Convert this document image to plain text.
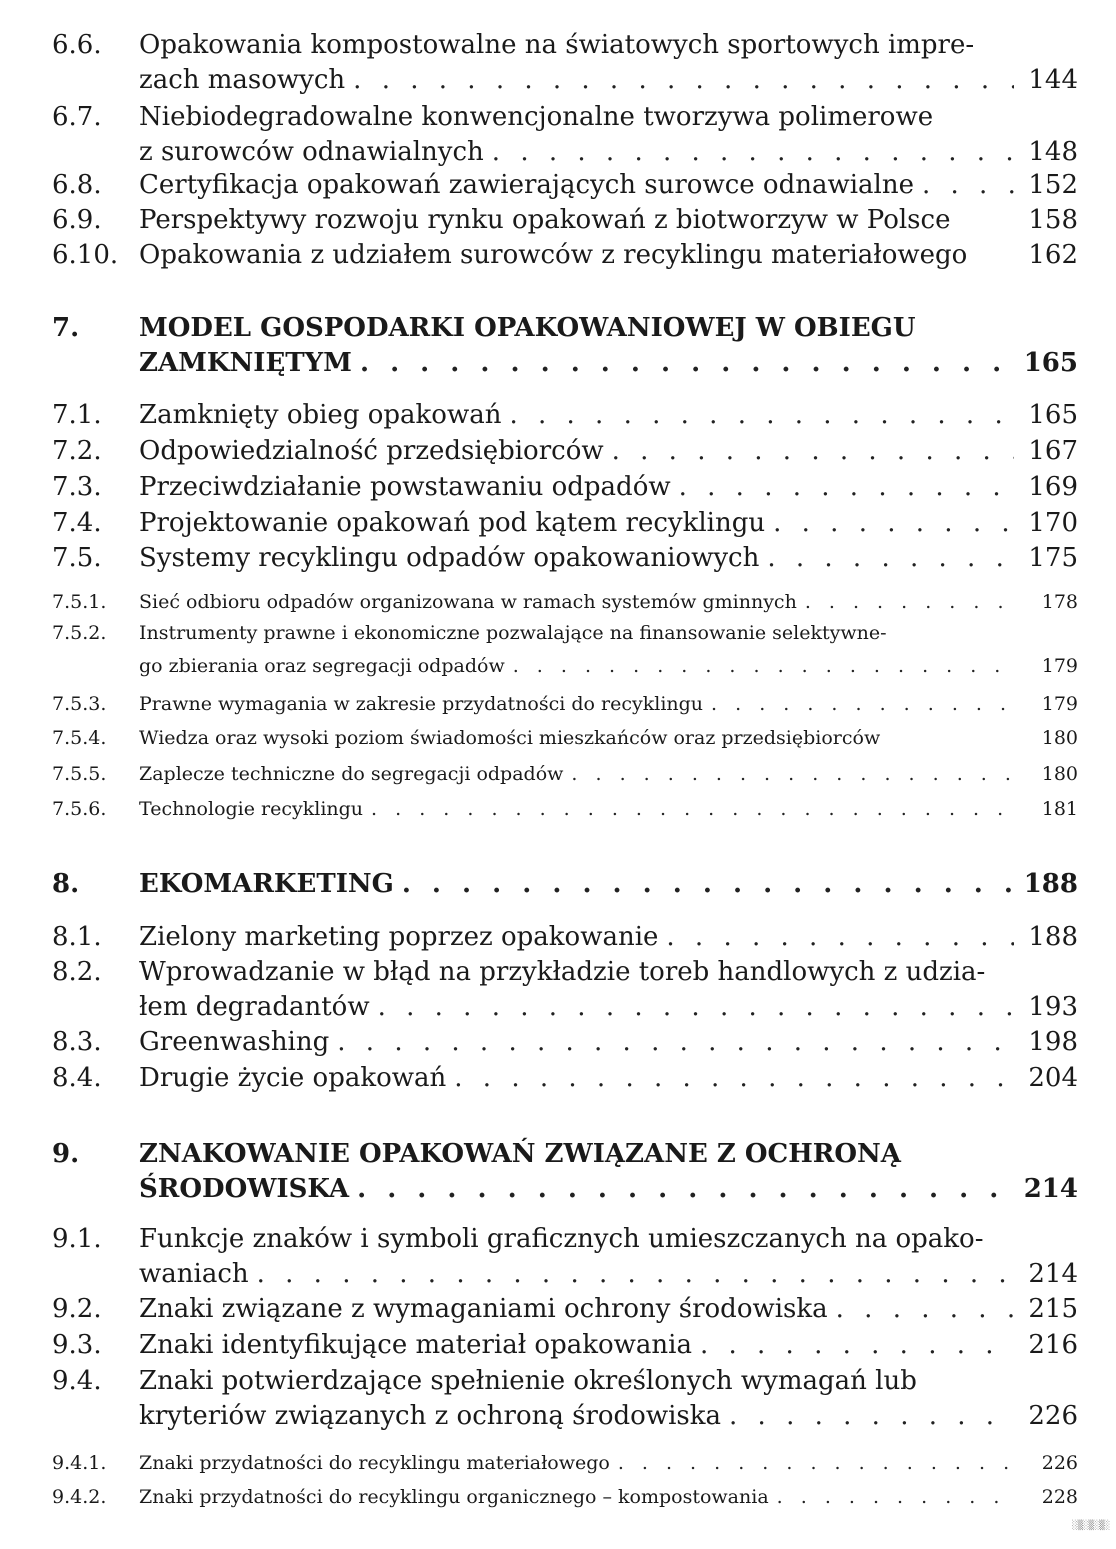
6.6. Opakowania kompostowalne na światowych sportowych impre-
zach masowych . . .	144
6.7. Niebiodegradowalne konwencjonalne tworzywa polimerowe
z surowców odnawialnych . . .	148
6.8. Certyfikacja opakowań zawierających surowce odnawialne . . .	152
6.9. Perspektywy rozwoju rynku opakowań z biotworzyw w Polsce	158
6.10. Opakowania z udziałem surowców z recyklingu materiałowego	162
7. MODEL GOSPODARKI OPAKOWANIOWEJ W OBIEGU
ZAMKNIĘTYM . . .	165
7.1. Zamknięty obieg opakowań . . .	165
7.2. Odpowiedzialność przedsiębiorców . . .	167
7.3. Przeciwdziałanie powstawaniu odpadów . . .	169
7.4. Projektowanie opakowań pod kątem recyklingu . . .	170
7.5. Systemy recyklingu odpadów opakowaniowych . . .	175
7.5.1. Sieć odbioru odpadów organizowana w ramach systemów gminnych . . .	178
7.5.2. Instrumenty prawne i ekonomiczne pozwalające na finansowanie selektywne-
go zbierania oraz segregacji odpadów . . .	179
7.5.3. Prawne wymagania w zakresie przydatności do recyklingu . . .	179
7.5.4. Wiedza oraz wysoki poziom świadomości mieszkańców oraz przedsiębiorców	180
7.5.5. Zaplecze techniczne do segregacji odpadów . . .	180
7.5.6. Technologie recyklingu . . .	181
8. EKOMARKETING . . .	188
8.1. Zielony marketing poprzez opakowanie . . .	188
8.2. Wprowadzanie w błąd na przykładzie toreb handlowych z udzia-
łem degradantów . . .	193
8.3. Greenwashing . . .	198
8.4. Drugie życie opakowań . . .	204
9. ZNAKOWANIE OPAKOWAŃ ZWIĄZANE Z OCHRONĄ
ŚRODOWISKA . . .	214
9.1. Funkcje znaków i symboli graficznych umieszczanych na opako-
waniach . . .	214
9.2. Znaki związane z wymaganiami ochrony środowiska . . .	215
9.3. Znaki identyfikujące materiał opakowania . . .	216
9.4. Znaki potwierdzające spełnienie określonych wymagań lub
kryteriów związanych z ochroną środowiska . . .	226
9.4.1. Znaki przydatności do recyklingu materiałowego . . .	226
9.4.2. Znaki przydatności do recyklingu organicznego – kompostowania . . .	228
░▒░▒░▒░
